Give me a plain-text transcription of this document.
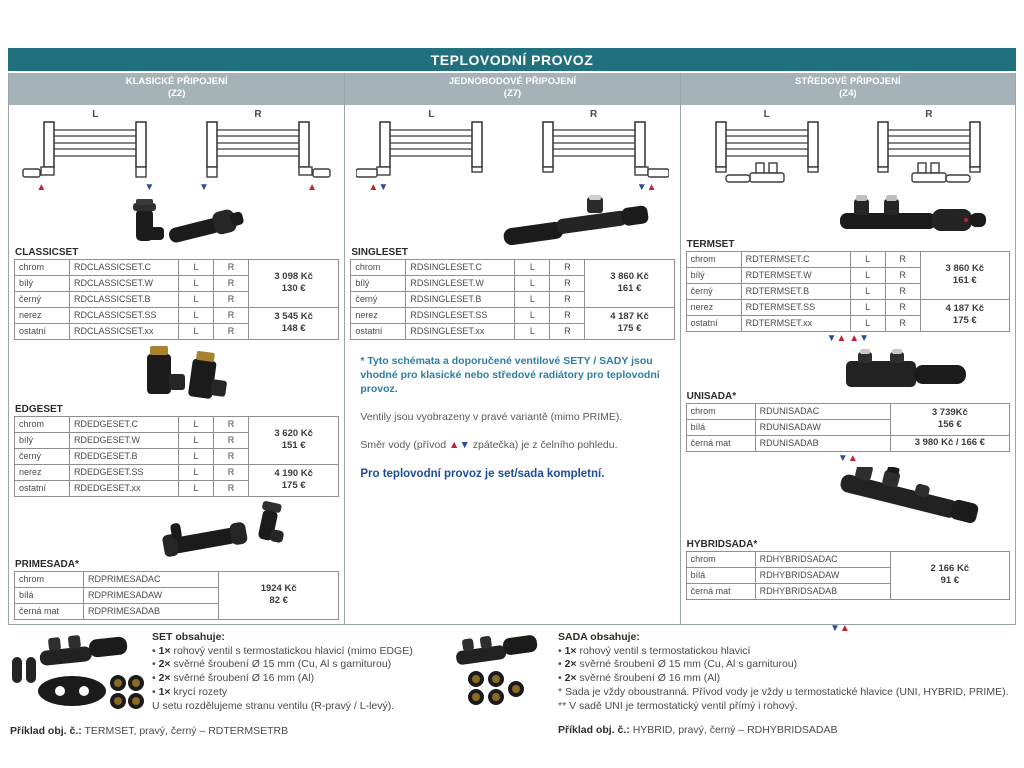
TEPLOVODNÍ PROVOZ
KLASICKÉ PŘIPOJENÍ
(Z2)
L
▲	▼
R
▼	▲
CLASSICSET
chrom	RDCLASSICSET.C	L	R	3 098 Kč
130 €

bílý	RDCLASSICSET.W	L	R	
černý	RDCLASSICSET.B	L	R	
nerez	RDCLASSICSET.SS	L	R	3 545 Kč
148 €

ostatní	RDCLASSICSET.xx	L	R	
EDGESET
chrom	RDEDGESET.C	L	R	3 620 Kč
151 €

bílý	RDEDGESET.W	L	R	
černý	RDEDGESET.B	L	R	
nerez	RDEDGESET.SS	L	R	4 190 Kč
175 €

ostatní	RDEDGESET.xx	L	R	
PRIMESADA*
chrom	RDPRIMESADAC	1924 Kč
82 €

bílá	RDPRIMESADAW	
černá mat	RDPRIMESADAB	
JEDNOBODOVÉ PŘIPOJENÍ
(Z7)
L
▲ ▼
R
▼ ▲
SINGLESET
chrom	RDSINGLESET.C	L	R	3 860 Kč
161 €

bílý	RDSINGLESET.W	L	R	
černý	RDSINGLESET.B	L	R	
nerez	RDSINGLESET.SS	L	R	4 187 Kč
175 €

ostatní	RDSINGLESET.xx	L	R	
* Tyto schémata a doporučené ventilové SETY / SADY jsou vhodné pro klasické nebo středové radiátory pro teplovodní provoz.
Ventily jsou vyobrazeny v pravé variantě (mimo PRIME).
Směr vody (přívod ▲▼ zpátečka) je z čelního pohledu.
Pro teplovodní provoz je set/sada kompletní.
STŘEDOVÉ PŘIPOJENÍ
(Z4)
L	R
TERMSET
chrom	RDTERMSET.C	L	R	3 860 Kč
161 €

bílý	RDTERMSET.W	L	R	
černý	RDTERMSET.B	L	R	
nerez	RDTERMSET.SS	L	R	4 187 Kč
175 €

ostatní	RDTERMSET.xx	L	R	
▼▲ ▲▼
UNISADA*
chrom	RDUNISADAC	3 739Kč
156 €

bílá	RDUNISADAW	
černá mat	RDUNISADAB	3 980 Kč / 166 €
▼▲
HYBRIDSADA*
chrom	RDHYBRIDSADAC	2 166 Kč
91 €

bílá	RDHYBRIDSADAW	
černá mat	RDHYBRIDSADAB	
SET obsahuje:
• 1× rohový ventil s termostatickou hlavicí (mimo EDGE)
• 2× svěrné šroubení Ø 15 mm (Cu, Al s garniturou)
• 2× svěrné šroubení Ø 16 mm (Al)
• 1× krycí rozety
U setu rozdělujeme stranu ventilu (R-pravý / L-levý).
Příklad obj. č.: TERMSET, pravý, černý – RDTERMSETRB
▼▲
SADA obsahuje:
• 1× rohový ventil s termostatickou hlavicí
• 2× svěrné šroubení Ø 15 mm (Cu, Al s garniturou)
• 2× svěrné šroubení Ø 16 mm (Al)
* Sada je vždy oboustranná. Přívod vody je vždy u termostatické hlavice (UNI, HYBRID, PRIME).
** V sadě UNI je termostatický ventil přímý i rohový.
Příklad obj. č.: HYBRID, pravý, černý – RDHYBRIDSADAB
